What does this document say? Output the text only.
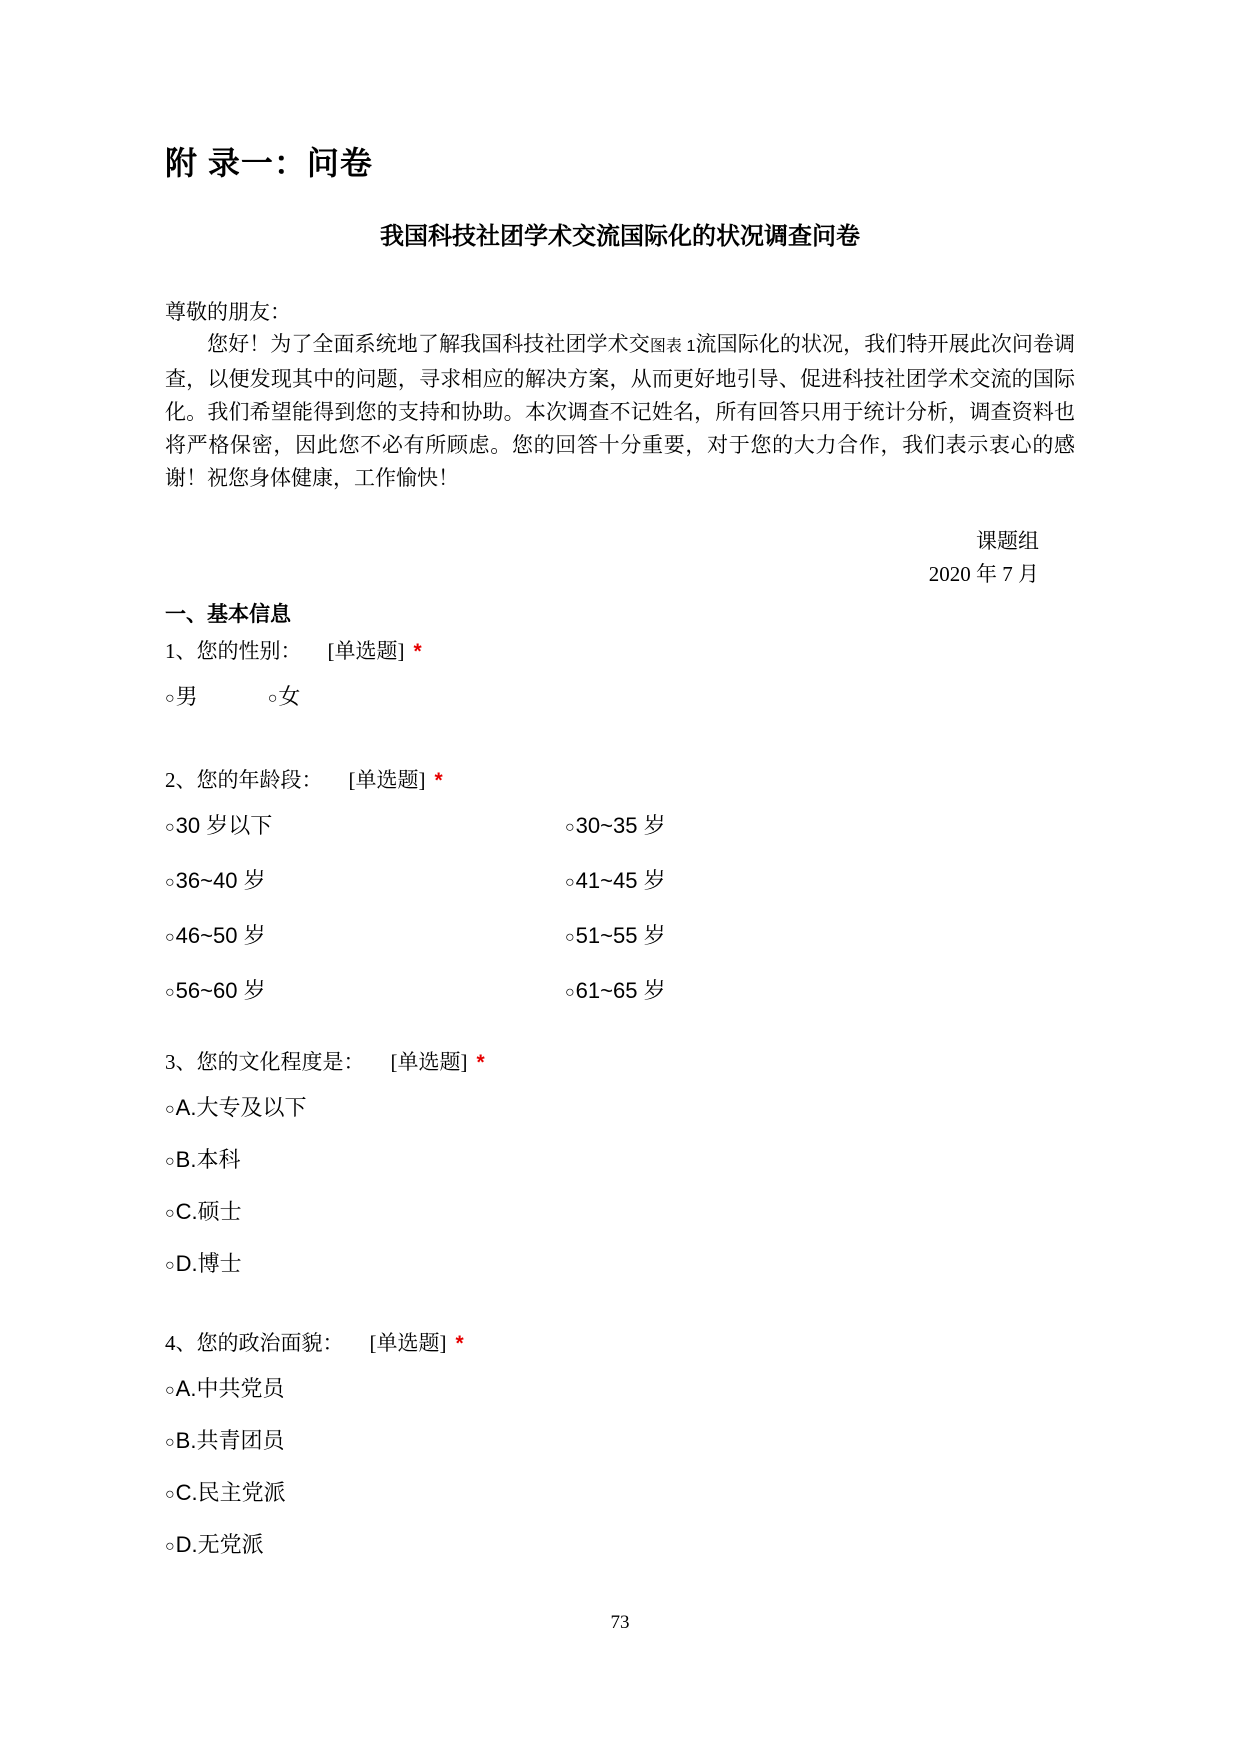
附 录一：问卷
我国科技社团学术交流国际化的状况调查问卷
尊敬的朋友：

您好！为了全面系统地了解我国科技社团学术交图表 1流国际化的状况，我们特开展此次问卷调查，以便发现其中的问题，寻求相应的解决方案，从而更好地引导、促进科技社团学术交流的国际化。我们希望能得到您的支持和协助。本次调查不记姓名，所有回答只用于统计分析，调查资料也将严格保密，因此您不必有所顾虑。您的回答十分重要，对于您的大力合作，我们表示衷心的感谢！祝您身体健康，工作愉快！

课题组
2020 年 7 月
一、基本信息
1、您的性别： [单选题] *
○男	○女
2、您的年龄段： [单选题] *
○30 岁以下	○30~35 岁
○36~40 岁	○41~45 岁
○46~50 岁	○51~55 岁
○56~60 岁	○61~65 岁
3、您的文化程度是： [单选题] *
○A.大专及以下
○B.本科
○C.硕士
○D.博士
4、您的政治面貌： [单选题] *
○A.中共党员
○B.共青团员
○C.民主党派
○D.无党派
73
